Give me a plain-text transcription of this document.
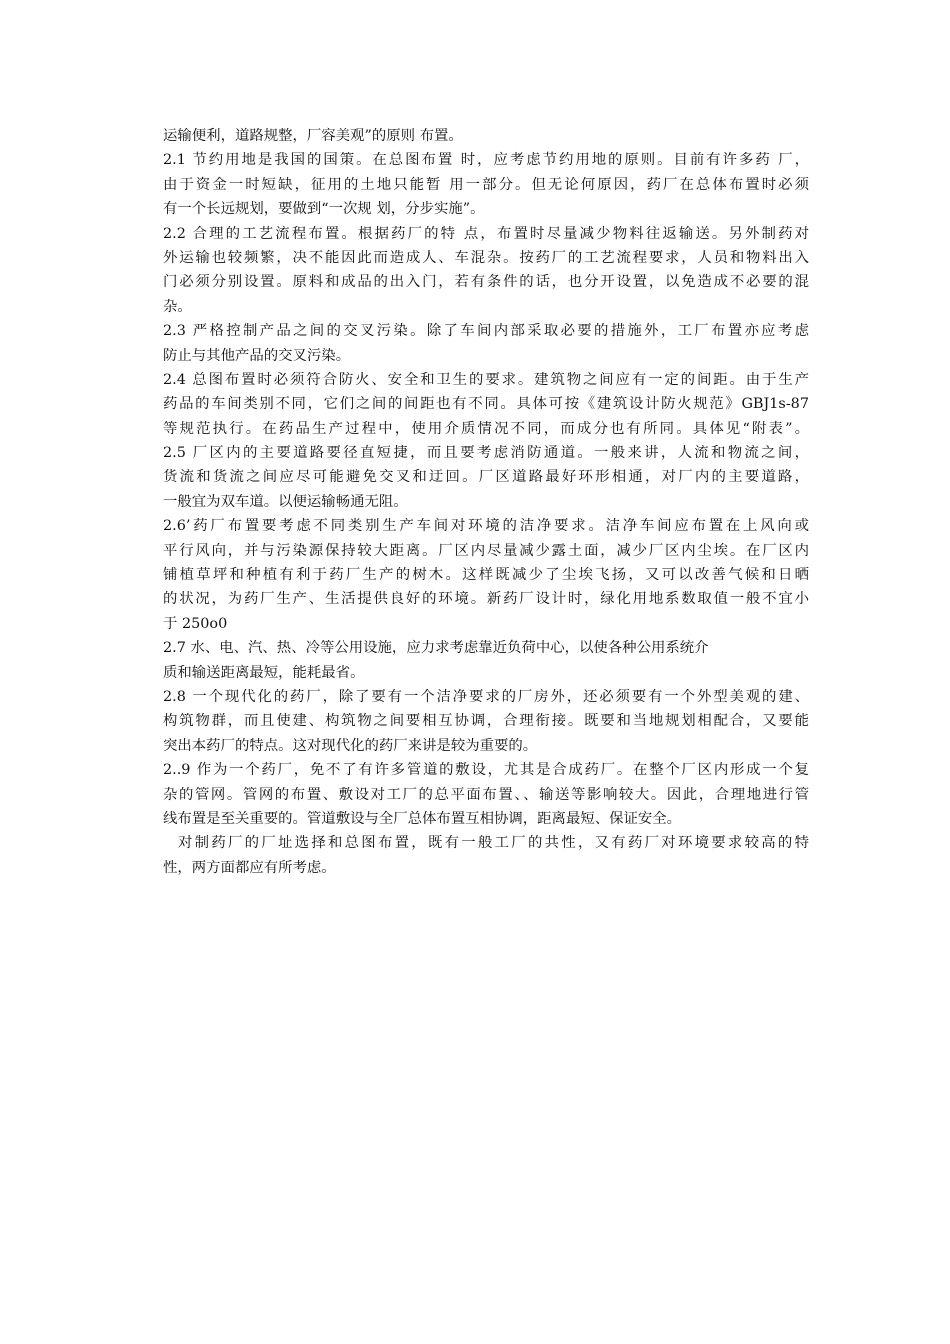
运输便利，道路规整，厂容美观”的原则 布置。
2.1 节约用地是我国的国策。在总图布置 时，应考虑节约用地的原则。目前有许多药 厂，
由于资金一时短缺，征用的土地只能暂 用一部分。但无论何原因，药厂在总体布置时必须
有一个长远规划，要做到“一次规 划，分步实施”。
2.2 合理的工艺流程布置。根据药厂的特 点，布置时尽量减少物料往返输送。另外制药对
外运输也较频繁，决不能因此而造成人、车混杂。按药厂的工艺流程要求，人员和物料出入
门必须分别设置。原料和成品的出入门，若有条件的话，也分开设置，以免造成不必要的混
杂。
2.3 严格控制产品之间的交叉污染。除了车间内部采取必要的措施外，工厂布置亦应考虑
防止与其他产品的交叉污染。
2.4 总图布置时必须符合防火、安全和卫生的要求。建筑物之间应有一定的间距。由于生产
药品的车间类别不同，它们之间的间距也有不同。具体可按《建筑设计防火规范》GBJ1s-87
等规范执行。在药品生产过程中，使用介质情况不同，而成分也有所同。具体见“附表”。
2.5 厂区内的主要道路要径直短捷，而且要考虑消防通道。一般来讲，人流和物流之间，
货流和货流之间应尽可能避免交叉和迂回。厂区道路最好环形相通，对厂内的主要道路，
一般宜为双车道。以便运输畅通无阻。
2.6’药厂布置要考虑不同类别生产车间对环境的洁净要求。洁净车间应布置在上风向或
平行风向，并与污染源保持较大距离。厂区内尽量减少露土面，减少厂区内尘埃。在厂区内
铺植草坪和种植有利于药厂生产的树木。这样既减少了尘埃飞扬，又可以改善气候和日晒
的状况，为药厂生产、生活提供良好的环境。新药厂设计时，绿化用地系数取值一般不宜小
于 250o0
2.7 水、电、汽、热、冷等公用设施，应力求考虑靠近负荷中心，以使各种公用系统介
质和输送距离最短，能耗最省。
2.8 一个现代化的药厂，除了要有一个洁净要求的厂房外，还必须要有一个外型美观的建、
构筑物群，而且使建、构筑物之间要相互协调，合理衔接。既要和当地规划相配合，又要能
突出本药厂的特点。这对现代化的药厂来讲是较为重要的。
2..9 作为一个药厂，免不了有许多管道的敷设，尤其是合成药厂。在整个厂区内形成一个复
杂的管网。管网的布置、敷设对工厂的总平面布置、、输送等影响较大。因此，合理地进行管
线布置是至关重要的。管道敷设与全厂总体布置互相协调，距离最短、保证安全。
对制药厂的厂址选择和总图布置，既有一般工厂的共性，又有药厂对环境要求较高的特
性，两方面都应有所考虑。
